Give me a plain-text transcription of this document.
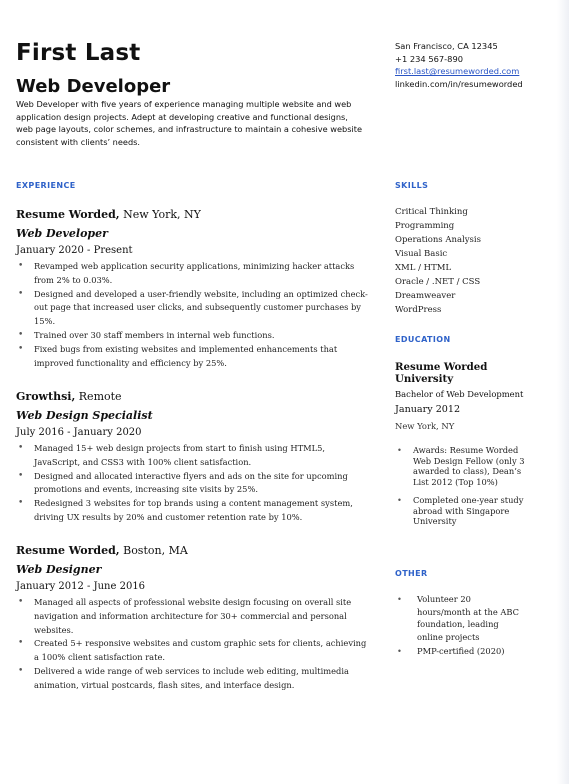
First Last
Web Developer

Web Developer with five years of experience managing multiple website and web application design projects. Adept at developing creative and functional designs, web page layouts, color schemes, and infrastructure to maintain a cohesive website consistent with clients’ needs.

San Francisco, CA 12345
+1 234 567-890
first.last@resumeworded.com
linkedin.com/in/resumeworded
EXPERIENCE
Resume Worded, New York, NY
Web Developer
January 2020 - Present
• Revamped web application security applications, minimizing hacker attacks from 2% to 0.03%.
• Designed and developed a user-friendly website, including an optimized check-out page that increased user clicks, and subsequently customer purchases by 15%.
• Trained over 30 staff members in internal web functions.
• Fixed bugs from existing websites and implemented enhancements that improved functionality and efficiency by 25%.
Growthsi, Remote
Web Design Specialist
July 2016 - January 2020
• Managed 15+ web design projects from start to finish using HTML5, JavaScript, and CSS3 with 100% client satisfaction.
• Designed and allocated interactive flyers and ads on the site for upcoming promotions and events, increasing site visits by 25%.
• Redesigned 3 websites for top brands using a content management system, driving UX results by 20% and customer retention rate by 10%.
Resume Worded, Boston, MA
Web Designer
January 2012 - June 2016
• Managed all aspects of professional website design focusing on overall site navigation and information architecture for 30+ commercial and personal websites.
• Created 5+ responsive websites and custom graphic sets for clients, achieving a 100% client satisfaction rate.
• Delivered a wide range of web services to include web editing, multimedia animation, virtual postcards, flash sites, and interface design.
SKILLS
Critical Thinking
Programming
Operations Analysis
Visual Basic
XML / HTML
Oracle / .NET / CSS
Dreamweaver
WordPress
EDUCATION
Resume Worded University
Bachelor of Web Development
January 2012
New York, NY
• Awards: Resume Worded Web Design Fellow (only 3 awarded to class), Dean’s List 2012 (Top 10%)
• Completed one-year study abroad with Singapore University
OTHER
• Volunteer 20 hours/month at the ABC foundation, leading online projects
• PMP-certified (2020)
